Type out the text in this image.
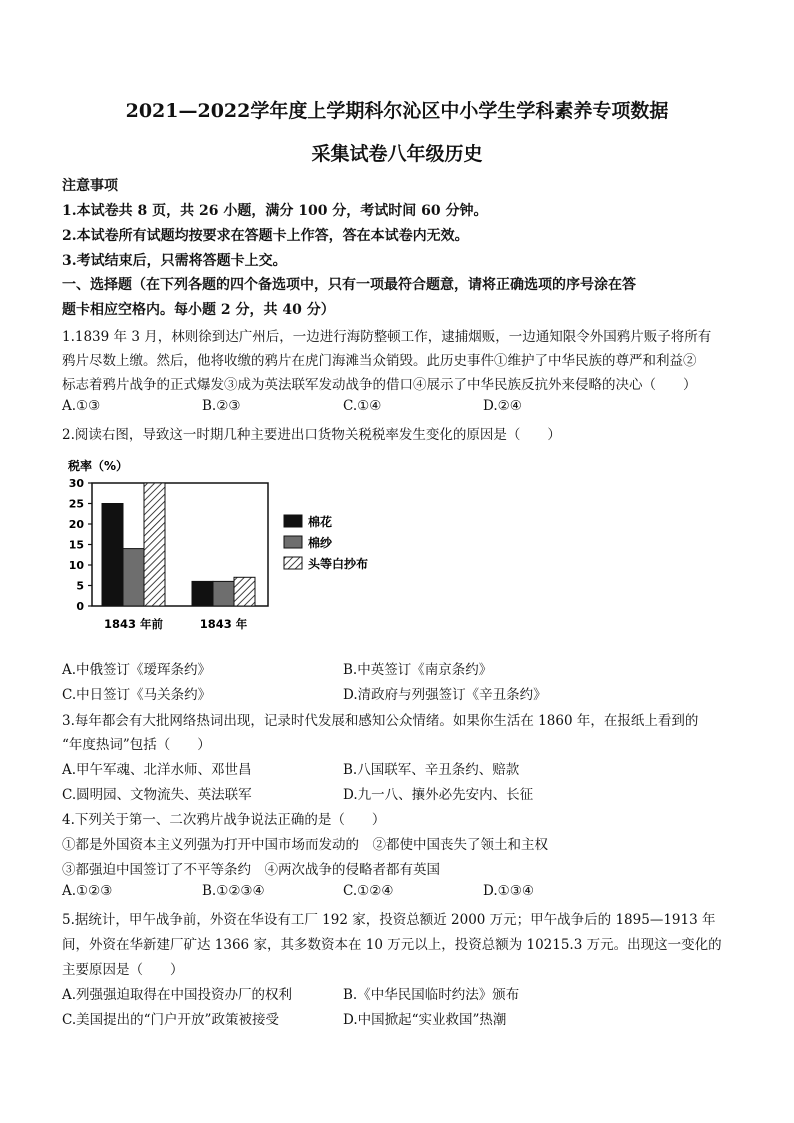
2021—2022学年度上学期科尔沁区中小学生学科素养专项数据
采集试卷八年级历史
注意事项
1.本试卷共 8 页，共 26 小题，满分 100 分，考试时间 60 分钟。
2.本试卷所有试题均按要求在答题卡上作答，答在本试卷内无效。
3.考试结束后，只需将答题卡上交。
一、选择题（在下列各题的四个备选项中，只有一项最符合题意，请将正确选项的序号涂在答
题卡相应空格内。每小题 2 分，共 40 分）
1.1839 年 3 月，林则徐到达广州后，一边进行海防整顿工作，逮捕烟贩，一边通知限令外国鸦片贩子将所有
鸦片尽数上缴。然后，他将收缴的鸦片在虎门海滩当众销毁。此历史事件①维护了中华民族的尊严和利益②
标志着鸦片战争的正式爆发③成为英法联军发动战争的借口④展示了中华民族反抗外来侵略的决心（　　）
A.①③	B.②③	C.①④	D.②④
2.阅读右图，导致这一时期几种主要进出口货物关税税率发生变化的原因是（　　）
税率（%）
30
25
20
15
10
5
0
1843 年前	1843 年
棉花
棉纱
头等白抄布
A.中俄签订《瑷珲条约》	B.中英签订《南京条约》
C.中日签订《马关条约》	D.清政府与列强签订《辛丑条约》
3.每年都会有大批网络热词出现，记录时代发展和感知公众情绪。如果你生活在 1860 年，在报纸上看到的
“年度热词”包括（　　）
A.甲午军魂、北洋水师、邓世昌	B.八国联军、辛丑条约、赔款
C.圆明园、文物流失、英法联军	D.九一八、攘外必先安内、长征
4.下列关于第一、二次鸦片战争说法正确的是（　　）
①都是外国资本主义列强为打开中国市场而发动的　②都使中国丧失了领土和主权
③都强迫中国签订了不平等条约　④两次战争的侵略者都有英国
A.①②③	B.①②③④	C.①②④	D.①③④
5.据统计，甲午战争前，外资在华设有工厂 192 家，投资总额近 2000 万元；甲午战争后的 1895—1913 年
间，外资在华新建厂矿达 1366 家，其多数资本在 10 万元以上，投资总额为 10215.3 万元。出现这一变化的
主要原因是（　　）
A.列强强迫取得在中国投资办厂的权利	B.《中华民国临时约法》颁布
C.美国提出的“门户开放”政策被接受	D.中国掀起“实业救国”热潮
